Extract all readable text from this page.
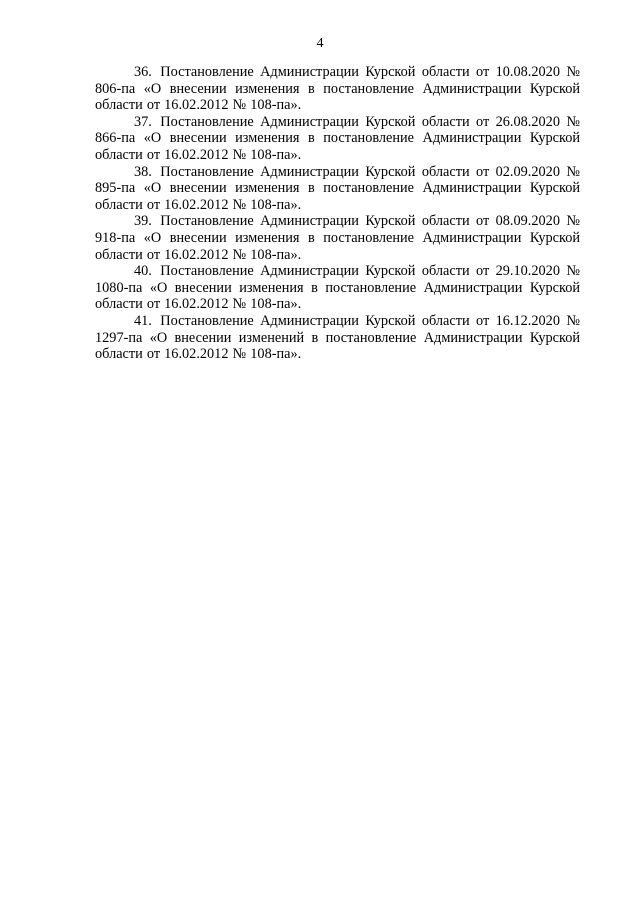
4

36. Постановление Администрации Курской области от 10.08.2020 № 806-па «О внесении изменения в постановление Администрации Курской области от 16.02.2012 № 108-па».

37. Постановление Администрации Курской области от 26.08.2020 № 866-па «О внесении изменения в постановление Администрации Курской области от 16.02.2012 № 108-па».

38. Постановление Администрации Курской области от 02.09.2020 № 895-па «О внесении изменения в постановление Администрации Курской области от 16.02.2012 № 108-па».

39. Постановление Администрации Курской области от 08.09.2020 № 918-па «О внесении изменения в постановление Администрации Курской области от 16.02.2012 № 108-па».

40. Постановление Администрации Курской области от 29.10.2020 № 1080-па «О внесении изменения в постановление Администрации Курской области от 16.02.2012 № 108-па».

41. Постановление Администрации Курской области от 16.12.2020 № 1297-па «О внесении изменений в постановление Администрации Курской области от 16.02.2012 № 108-па».
